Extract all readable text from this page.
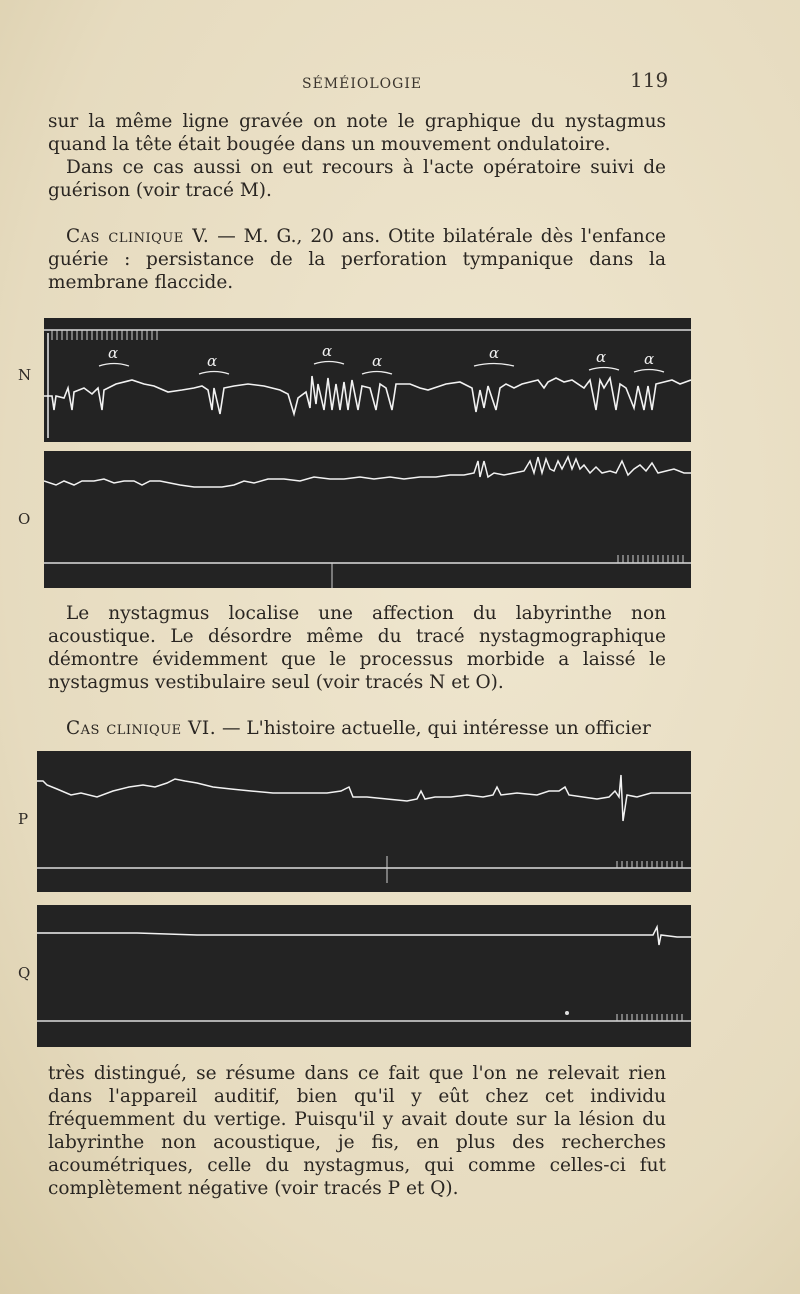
SÉMÉIOLOGIE	119

sur la même ligne gravée on note le graphique du nystagmus quand la tête était bougée dans un mouvement ondulatoire.

Dans ce cas aussi on eut recours à l'acte opératoire suivi de guérison (voir tracé M).

Cas clinique V. — M. G., 20 ans. Otite bilatérale dès l'enfance guérie : persistance de la perforation tympanique dans la membrane flaccide.

N
α	α
α
α	α	α	α
O

Le nystagmus localise une affection du labyrinthe non acoustique. Le désordre même du tracé nystagmographique démontre évidemment que le processus morbide a laissé le nystagmus vestibulaire seul (voir tracés N et O).

Cas clinique VI. — L'histoire actuelle, qui intéresse un officier

P
Q

très distingué, se résume dans ce fait que l'on ne relevait rien dans l'appareil auditif, bien qu'il y eût chez cet individu fréquemment du vertige. Puisqu'il y avait doute sur la lésion du labyrinthe non acoustique, je fis, en plus des recherches acoumétriques, celle du nystagmus, qui comme celles-ci fut complètement négative (voir tracés P et Q).
